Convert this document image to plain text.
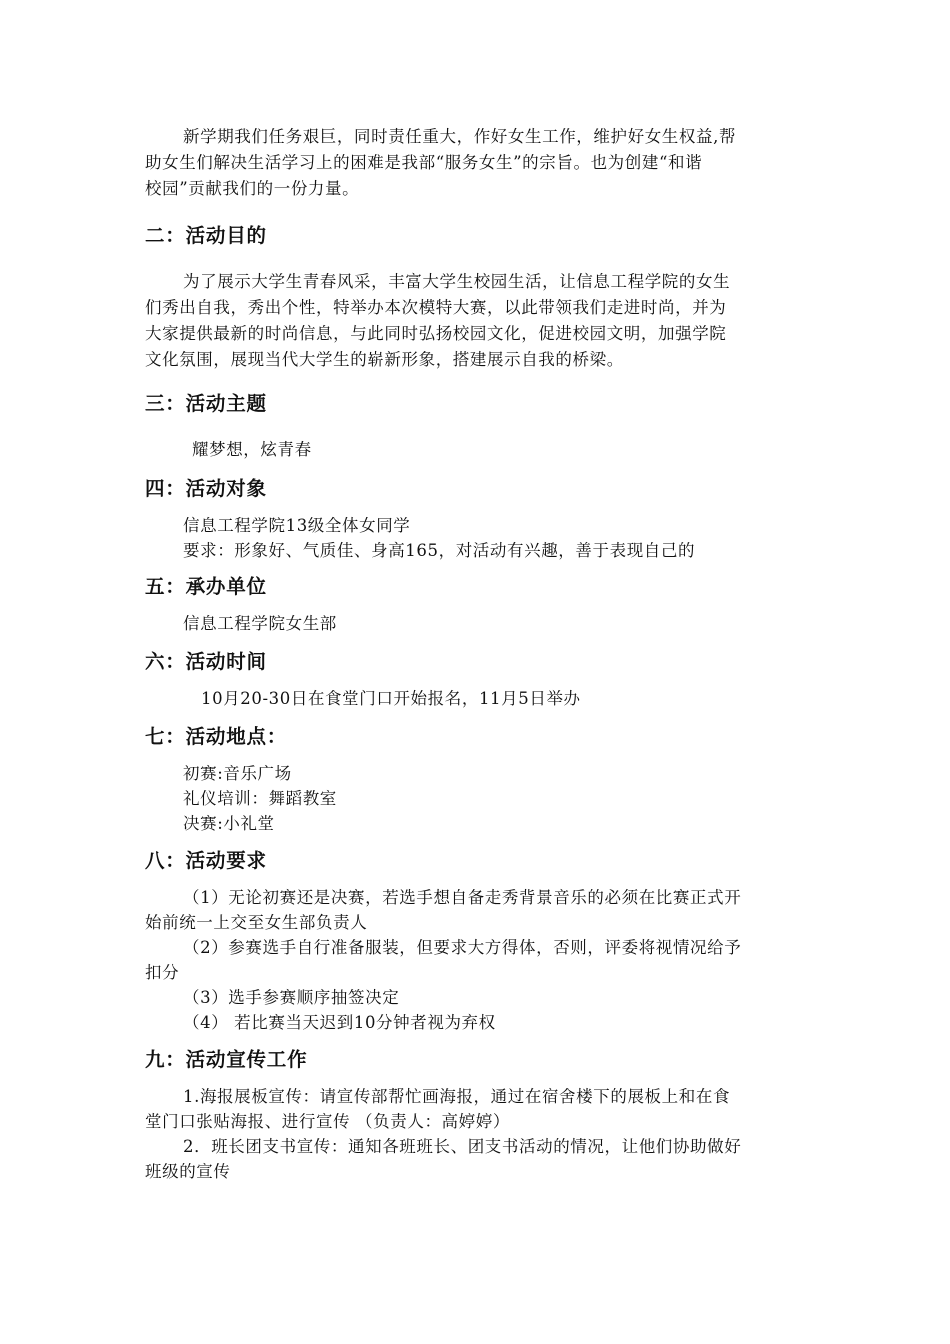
新学期我们任务艰巨，同时责任重大，作好女生工作，维护好女生权益,帮
助女生们解决生活学习上的困难是我部“服务女生”的宗旨。也为创建“和谐
校园”贡献我们的一份力量。
二：活动目的
为了展示大学生青春风采，丰富大学生校园生活，让信息工程学院的女生
们秀出自我，秀出个性，特举办本次模特大赛，以此带领我们走进时尚，并为
大家提供最新的时尚信息，与此同时弘扬校园文化，促进校园文明，加强学院
文化氛围，展现当代大学生的崭新形象，搭建展示自我的桥梁。
三：活动主题
耀梦想，炫青春
四：活动对象
信息工程学院13级全体女同学
要求：形象好、气质佳、身高165，对活动有兴趣，善于表现自己的
五：承办单位
信息工程学院女生部
六：活动时间
10月20-30日在食堂门口开始报名，11月5日举办
七：活动地点：
初赛:音乐广场
礼仪培训：舞蹈教室
决赛:小礼堂
八：活动要求
（1）无论初赛还是决赛，若选手想自备走秀背景音乐的必须在比赛正式开
始前统一上交至女生部负责人
（2）参赛选手自行准备服装，但要求大方得体，否则，评委将视情况给予
扣分
（3）选手参赛顺序抽签决定
（4） 若比赛当天迟到10分钟者视为弃权
九：活动宣传工作
1.海报展板宣传：请宣传部帮忙画海报，通过在宿舍楼下的展板上和在食
堂门口张贴海报、进行宣传 （负责人：高婷婷）
2．班长团支书宣传：通知各班班长、团支书活动的情况，让他们协助做好
班级的宣传
